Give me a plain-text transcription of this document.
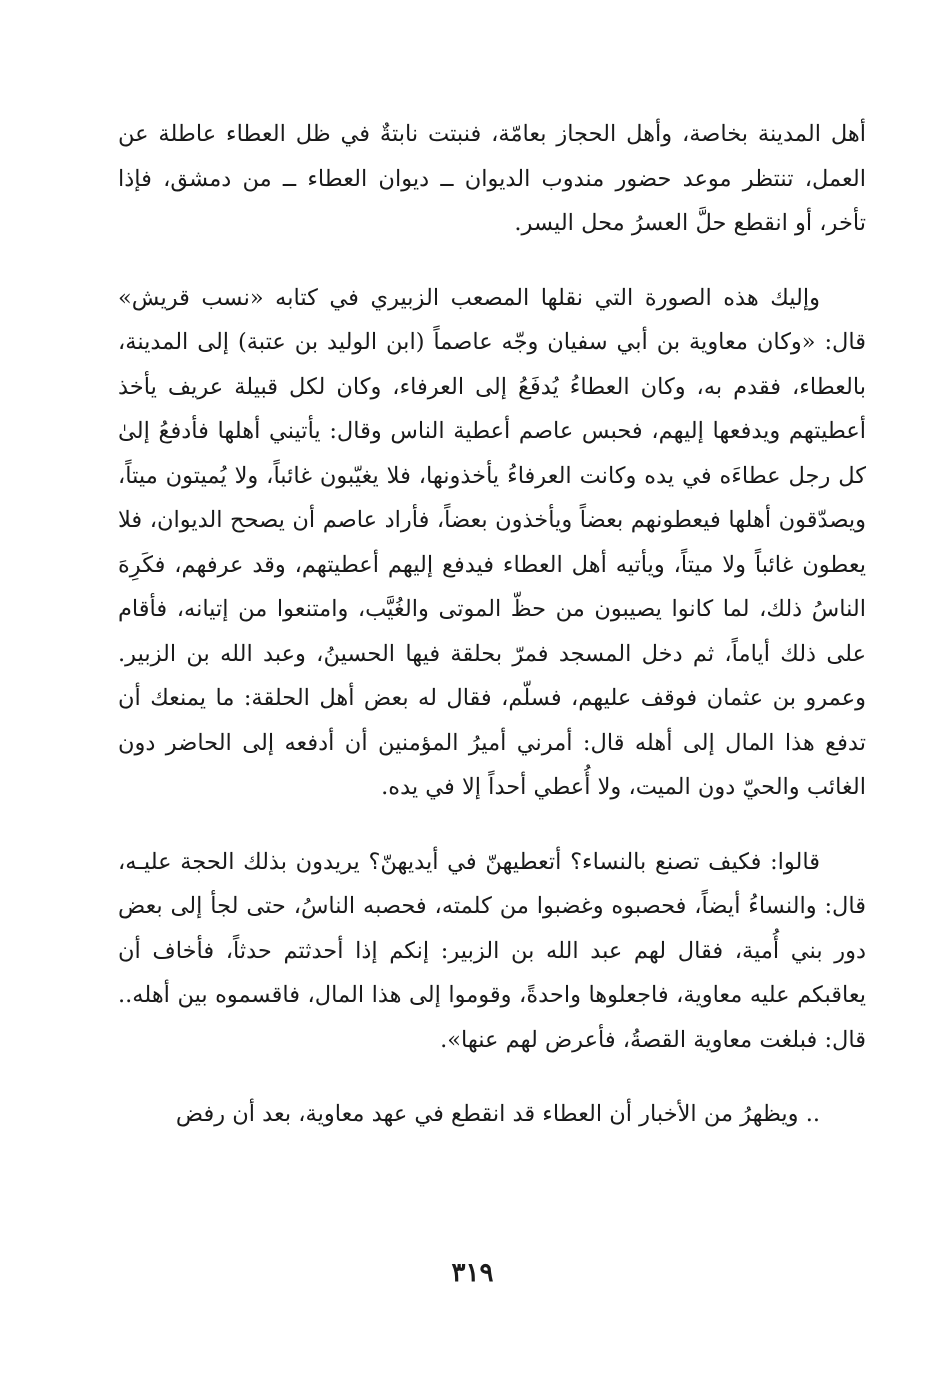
أهل المدينة بخاصة، وأهل الحجاز بعامّة، فنبتت نابتةٌ في ظل العطاء عاطلة عن العمل، تنتظر موعد حضور مندوب الديوان ــ ديوان العطاء ــ من دمشق، فإذا تأخر، أو انقطع حلَّ العسرُ محل اليسر.

وإليك هذه الصورة التي نقلها المصعب الزبيري في كتابه «نسب قريش» قال: «وكان معاوية بن أبي سفيان وجّه عاصماً (ابن الوليد بن عتبة) إلى المدينة، بالعطاء، فقدم به، وكان العطاءُ يُدفَعُ إلى العرفاء، وكان لكل قبيلة عريف يأخذ أعطيتهم ويدفعها إليهم، فحبس عاصم أعطية الناس وقال: يأتيني أهلها فأدفعُ إلىٰ كل رجل عطاءَه في يده وكانت العرفاءُ يأخذونها، فلا يغيّبون غائباً، ولا يُميتون ميتاً، ويصدّقون أهلها فيعطونهم بعضاً ويأخذون بعضاً، فأراد عاصم أن يصحح الديوان، فلا يعطون غائباً ولا ميتاً، ويأتيه أهل العطاء فيدفع إليهم أعطيتهم، وقد عرفهم، فكَرِهَ الناسُ ذلك، لما كانوا يصيبون من حظّ الموتى والغُيَّب، وامتنعوا من إتيانه، فأقام على ذلك أياماً، ثم دخل المسجد فمرّ بحلقة فيها الحسينُ، وعبد الله بن الزبير. وعمرو بن عثمان فوقف عليهم، فسلّم، فقال له بعض أهل الحلقة: ما يمنعك أن تدفع هذا المال إلى أهله قال: أمرني أميرُ المؤمنين أن أدفعه إلى الحاضر دون الغائب والحيّ دون الميت، ولا أُعطي أحداً إلا في يده.

قالوا: فكيف تصنع بالنساء؟ أتعطيهنّ في أيديهنّ؟ يريدون بذلك الحجة عليـه، قال: والنساءُ أيضاً، فحصبوه وغضبوا من كلمته، فحصبه الناسُ، حتى لجأ إلى بعض دور بني أُمية، فقال لهم عبد الله بن الزبير: إنكم إذا أحدثتم حدثاً، فأخاف أن يعاقبكم عليه معاوية، فاجعلوها واحدةً، وقوموا إلى هذا المال، فاقسموه بين أهله.. قال: فبلغت معاوية القصةُ، فأعرض لهم عنها».

.. ويظهرُ من الأخبار أن العطاء قد انقطع في عهد معاوية، بعد أن رفض

٣١٩
